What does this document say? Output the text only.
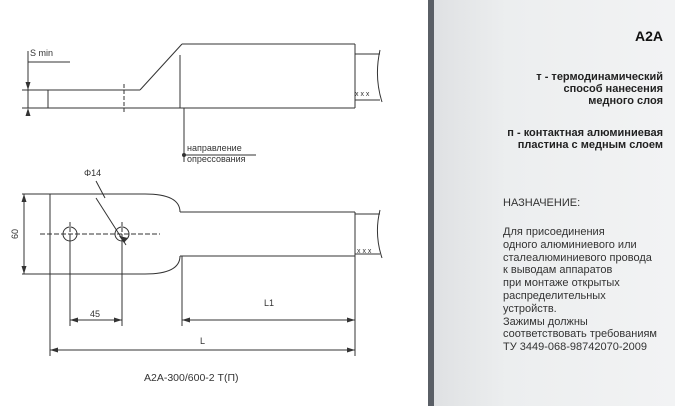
S min
направление
опрессования
Φ14
60
45
L1
L
x x x
x x x
А2А-300/600-2 Т(П)
А2А
т - термодинамический
способ нанесения
медного слоя
п - контактная алюминиевая
пластина с медным слоем
НАЗНАЧЕНИЕ:
Для присоединения
одного алюминиевого или
сталеалюминиевого провода
к выводам аппаратов
при монтаже открытых
распределительных
устройств.
Зажимы должны
соответствовать требованиям
ТУ 3449-068-98742070-2009
